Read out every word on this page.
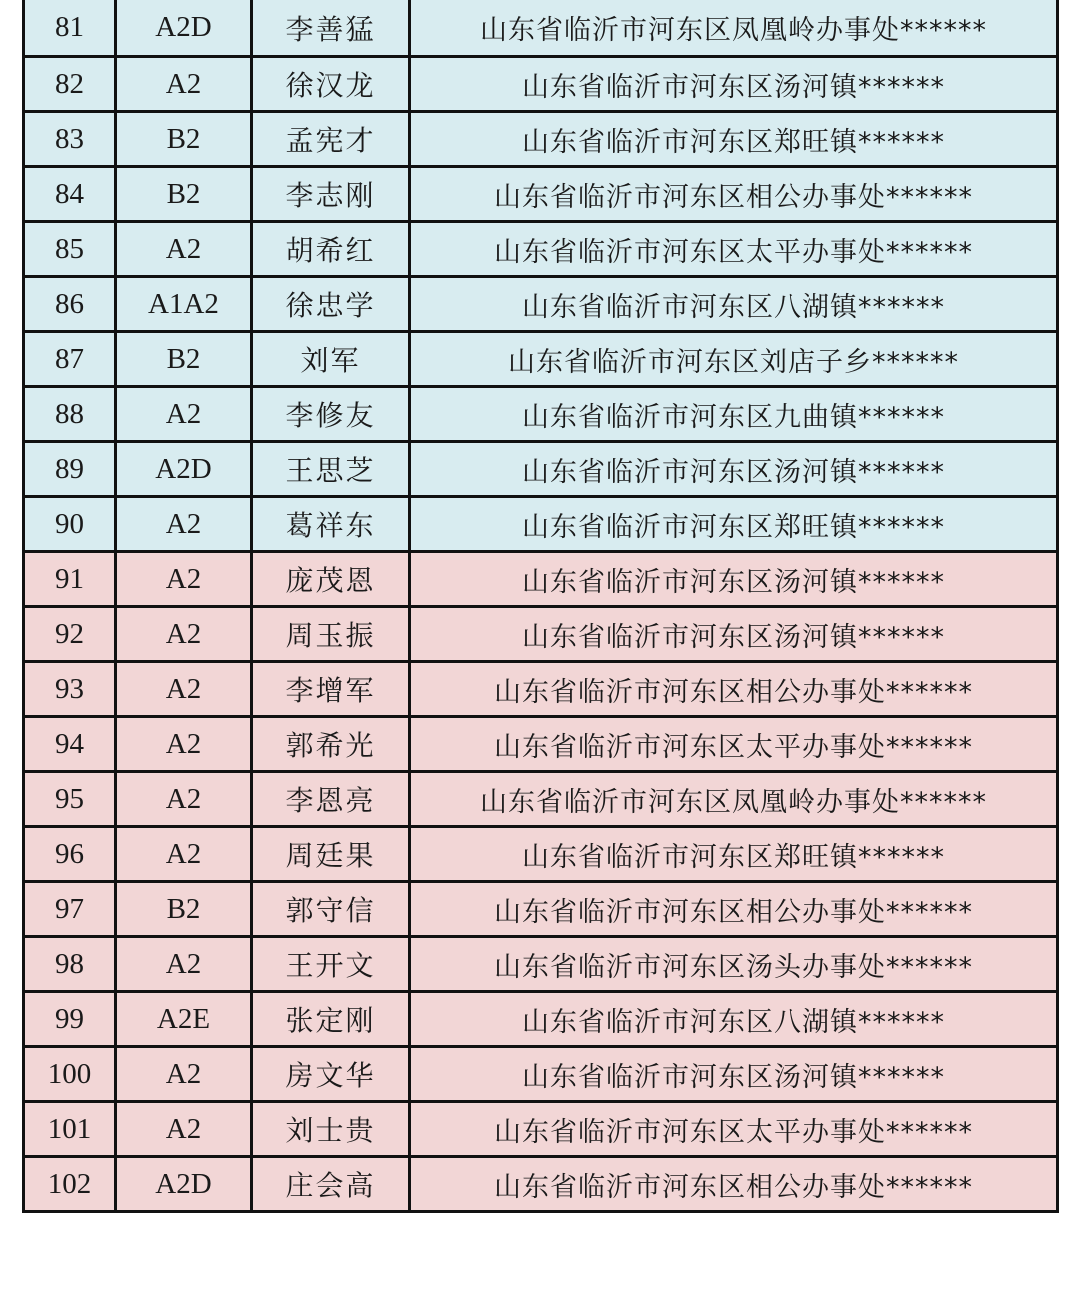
81	A2D	李善猛	山东省临沂市河东区凤凰岭办事处******
82	A2	徐汉龙	山东省临沂市河东区汤河镇******
83	B2	孟宪才	山东省临沂市河东区郑旺镇******
84	B2	李志刚	山东省临沂市河东区相公办事处******
85	A2	胡希红	山东省临沂市河东区太平办事处******
86	A1A2	徐忠学	山东省临沂市河东区八湖镇******
87	B2	刘军	山东省临沂市河东区刘店子乡******
88	A2	李修友	山东省临沂市河东区九曲镇******
89	A2D	王思芝	山东省临沂市河东区汤河镇******
90	A2	葛祥东	山东省临沂市河东区郑旺镇******
91	A2	庞茂恩	山东省临沂市河东区汤河镇******
92	A2	周玉振	山东省临沂市河东区汤河镇******
93	A2	李增军	山东省临沂市河东区相公办事处******
94	A2	郭希光	山东省临沂市河东区太平办事处******
95	A2	李恩亮	山东省临沂市河东区凤凰岭办事处******
96	A2	周廷果	山东省临沂市河东区郑旺镇******
97	B2	郭守信	山东省临沂市河东区相公办事处******
98	A2	王开文	山东省临沂市河东区汤头办事处******
99	A2E	张定刚	山东省临沂市河东区八湖镇******
100	A2	房文华	山东省临沂市河东区汤河镇******
101	A2	刘士贵	山东省临沂市河东区太平办事处******
102	A2D	庄会高	山东省临沂市河东区相公办事处******
